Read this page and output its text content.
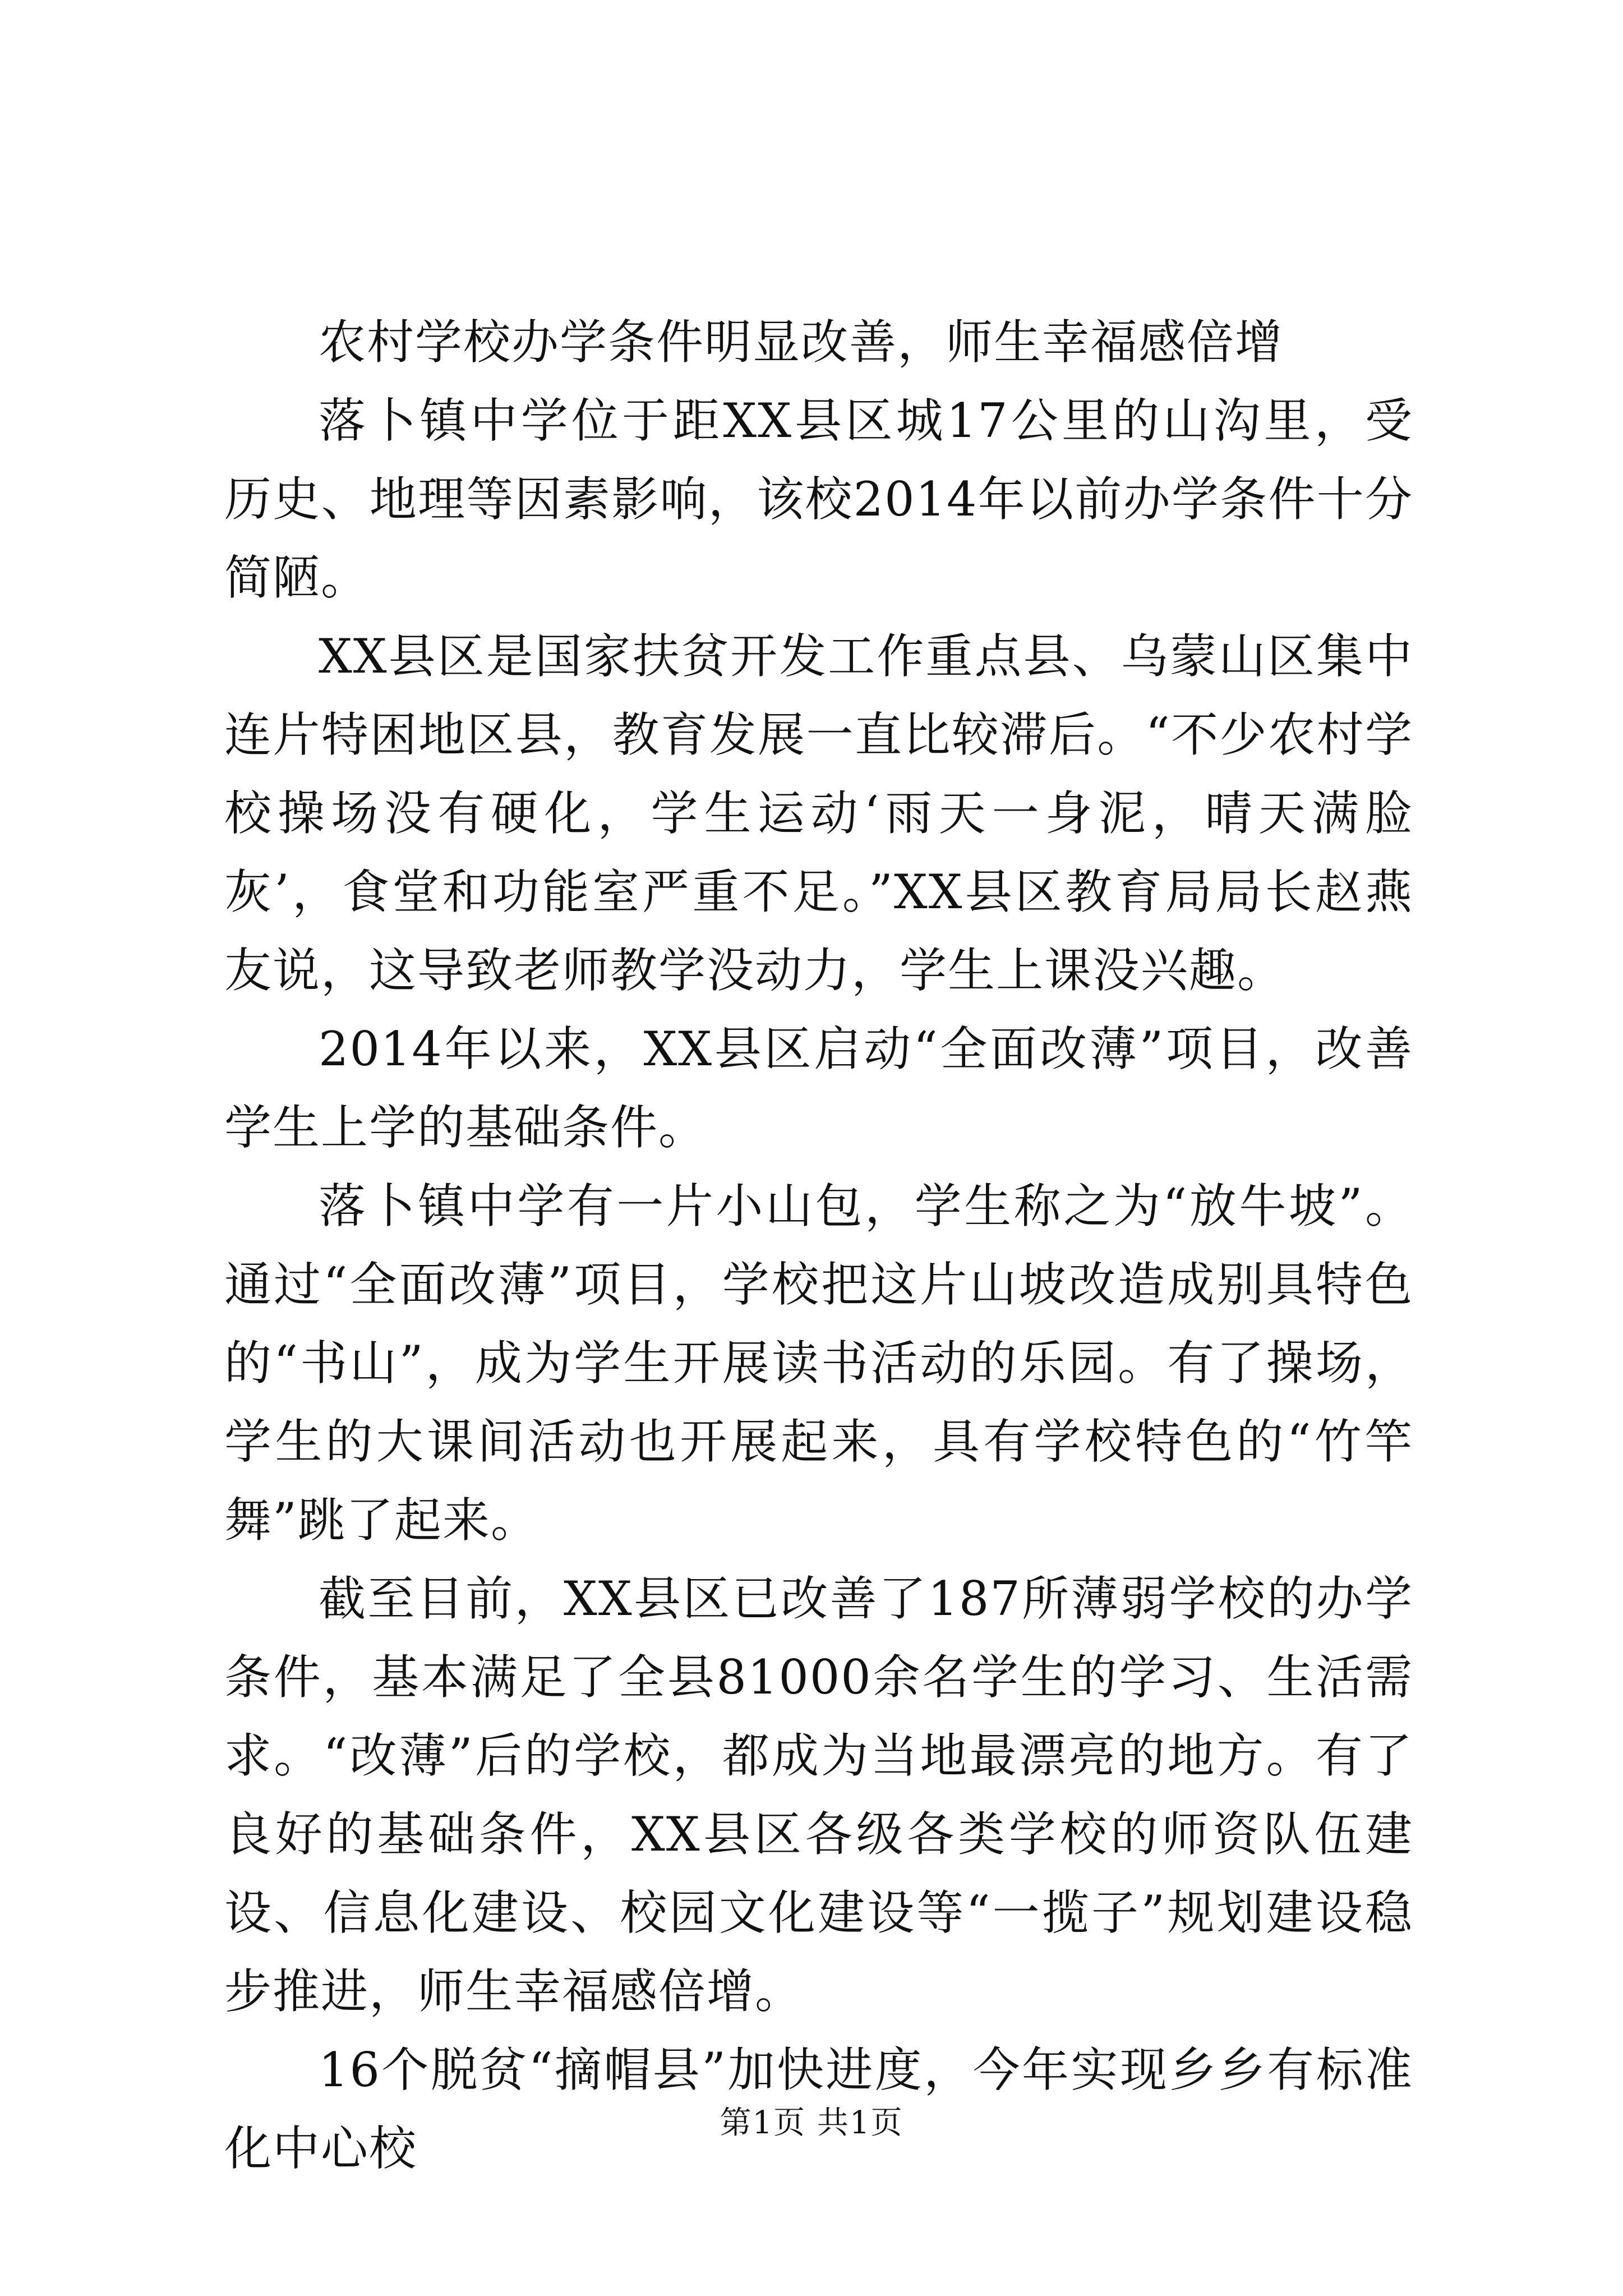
农村学校办学条件明显改善，师生幸福感倍增

落卜镇中学位于距XX县区城17公里的山沟里，受历史、地理等因素影响，该校2014年以前办学条件十分简陋。

XX县区是国家扶贫开发工作重点县、乌蒙山区集中连片特困地区县，教育发展一直比较滞后。“不少农村学校操场没有硬化，学生运动‘雨天一身泥，晴天满脸灰’，食堂和功能室严重不足。”XX县区教育局局长赵燕友说，这导致老师教学没动力，学生上课没兴趣。

2014年以来，XX县区启动“全面改薄”项目，改善学生上学的基础条件。

落卜镇中学有一片小山包，学生称之为“放牛坡”。通过“全面改薄”项目，学校把这片山坡改造成别具特色的“书山”，成为学生开展读书活动的乐园。有了操场，学生的大课间活动也开展起来，具有学校特色的“竹竿舞”跳了起来。

截至目前，XX县区已改善了187所薄弱学校的办学条件，基本满足了全县81000余名学生的学习、生活需求。“改薄”后的学校，都成为当地最漂亮的地方。有了良好的基础条件，XX县区各级各类学校的师资队伍建设、信息化建设、校园文化建设等“一揽子”规划建设稳步推进，师生幸福感倍增。

16个脱贫“摘帽县”加快进度，今年实现乡乡有标准化中心校	第1页 共1页
